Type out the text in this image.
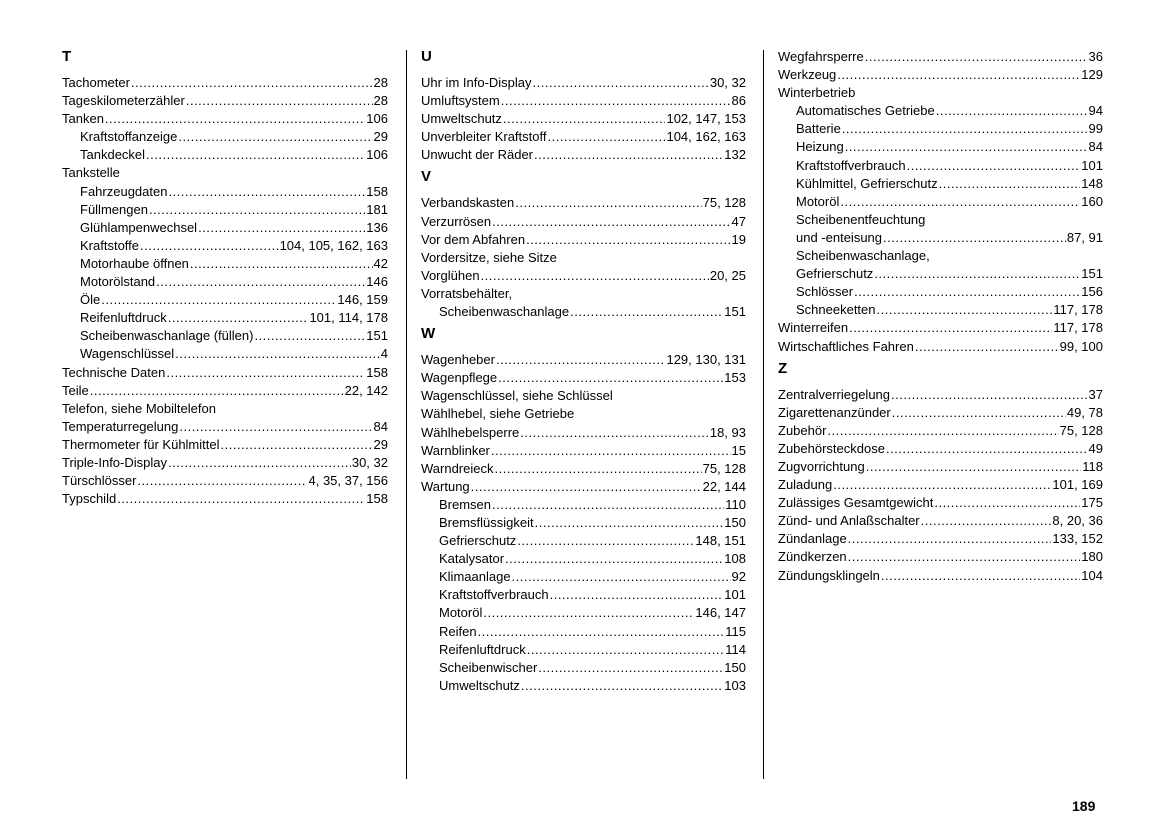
T
Tachometer .....	28
Tageskilometerzähler .....	28
Tanken .....	106
Kraftstoffanzeige .....	29
Tankdeckel .....	106
Tankstelle
Fahrzeugdaten .....	158
Füllmengen .....	181
Glühlampenwechsel .....	136
Kraftstoffe .....	104, 105, 162, 163
Motorhaube öffnen .....	42
Motorölstand .....	146
Öle .....	146, 159
Reifenluftdruck .....	101, 114, 178
Scheibenwaschanlage (füllen) .....	151
Wagenschlüssel .....	4
Technische Daten .....	158
Teile .....	22, 142
Telefon, siehe Mobiltelefon
Temperaturregelung .....	84
Thermometer für Kühlmittel .....	29
Triple-Info-Display .....	30, 32
Türschlösser .....	4, 35, 37, 156
Typschild .....	158
U
Uhr im Info-Display .....	30, 32
Umluftsystem .....	86
Umweltschutz .....	102, 147, 153
Unverbleiter Kraftstoff .....	104, 162, 163
Unwucht der Räder .....	132
V
Verbandskasten .....	75, 128
Verzurrösen .....	47
Vor dem Abfahren .....	19
Vordersitze, siehe Sitze
Vorglühen .....	20, 25
Vorratsbehälter,
Scheibenwaschanlage .....	151
W
Wagenheber .....	129, 130, 131
Wagenpflege .....	153
Wagenschlüssel, siehe Schlüssel
Wählhebel, siehe Getriebe
Wählhebelsperre .....	18, 93
Warnblinker .....	15
Warndreieck .....	75, 128
Wartung .....	22, 144
Bremsen .....	110
Bremsflüssigkeit .....	150
Gefrierschutz .....	148, 151
Katalysator .....	108
Klimaanlage .....	92
Kraftstoffverbrauch .....	101
Motoröl .....	146, 147
Reifen .....	115
Reifenluftdruck .....	114
Scheibenwischer .....	150
Umweltschutz .....	103
Wegfahrsperre .....	36
Werkzeug .....	129
Winterbetrieb
Automatisches Getriebe .....	94
Batterie .....	99
Heizung .....	84
Kraftstoffverbrauch .....	101
Kühlmittel, Gefrierschutz .....	148
Motoröl .....	160
Scheibenentfeuchtung
und -enteisung .....	87, 91
Scheibenwaschanlage,
Gefrierschutz .....	151
Schlösser .....	156
Schneeketten .....	117, 178
Winterreifen .....	117, 178
Wirtschaftliches Fahren .....	99, 100
Z
Zentralverriegelung .....	37
Zigarettenanzünder .....	49, 78
Zubehör .....	75, 128
Zubehörsteckdose .....	49
Zugvorrichtung .....	118
Zuladung .....	101, 169
Zulässiges Gesamtgewicht .....	175
Zünd- und Anlaßschalter .....	8, 20, 36
Zündanlage .....	133, 152
Zündkerzen .....	180
Zündungsklingeln .....	104
189
